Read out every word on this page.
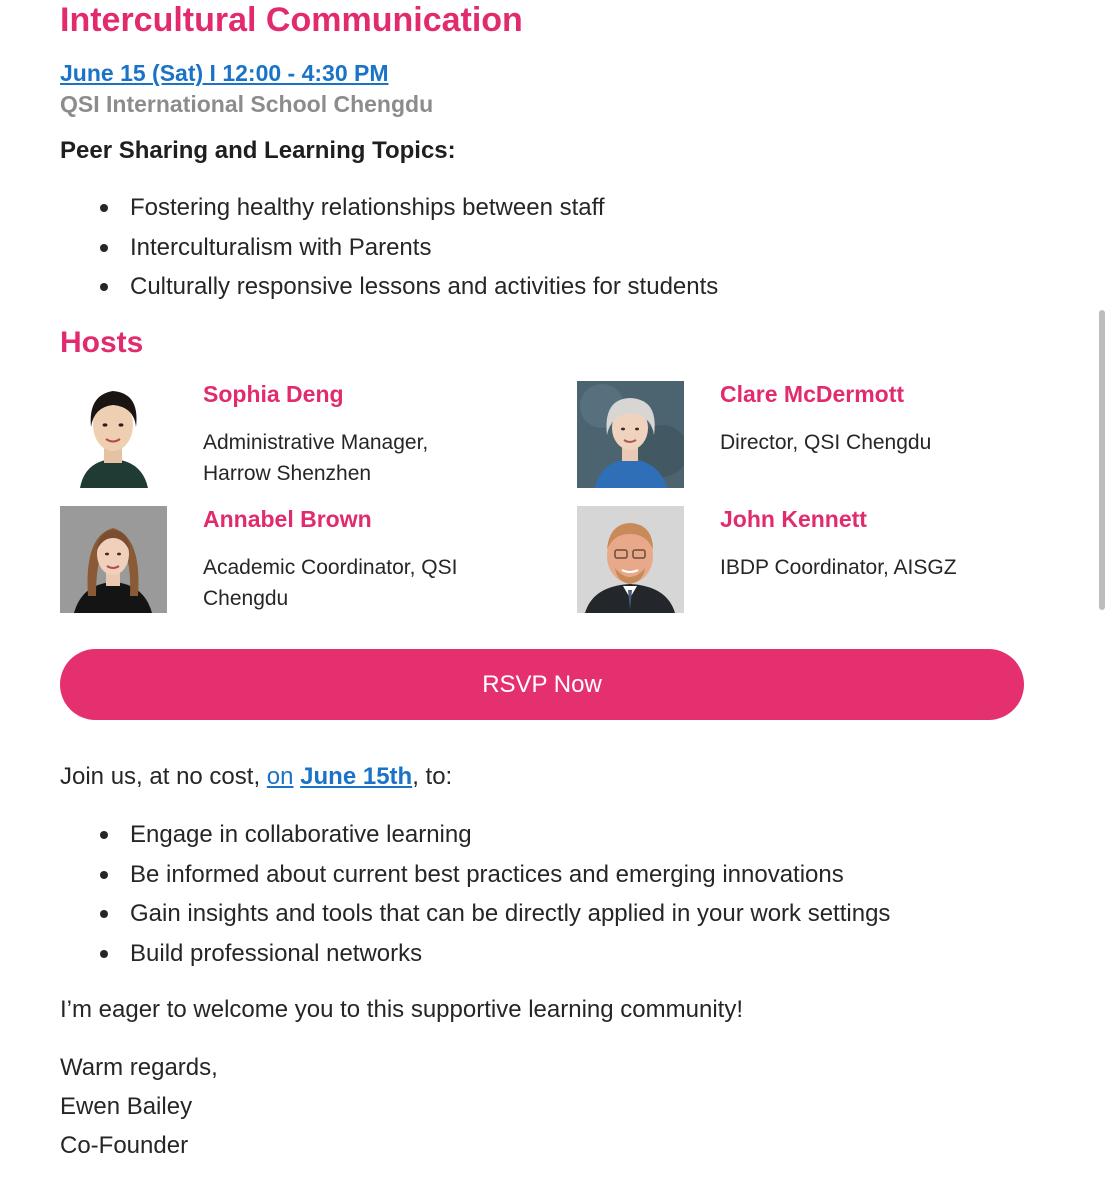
Intercultural Communication
June 15 (Sat) I 12:00 - 4:30 PM
QSI International School Chengdu
Peer Sharing and Learning Topics:
Fostering healthy relationships between staff
Interculturalism with Parents
Culturally responsive lessons and activities for students
Hosts
Sophia Deng
Administrative Manager,
Harrow Shenzhen
Clare McDermott
Director, QSI Chengdu
Annabel Brown
Academic Coordinator, QSI
Chengdu
John Kennett
IBDP Coordinator, AISGZ
RSVP Now
Join us, at no cost, on June 15th, to:
Engage in collaborative learning
Be informed about current best practices and emerging innovations
Gain insights and tools that can be directly applied in your work settings
Build professional networks
I’m eager to welcome you to this supportive learning community!
Warm regards,
Ewen Bailey
Co-Founder
